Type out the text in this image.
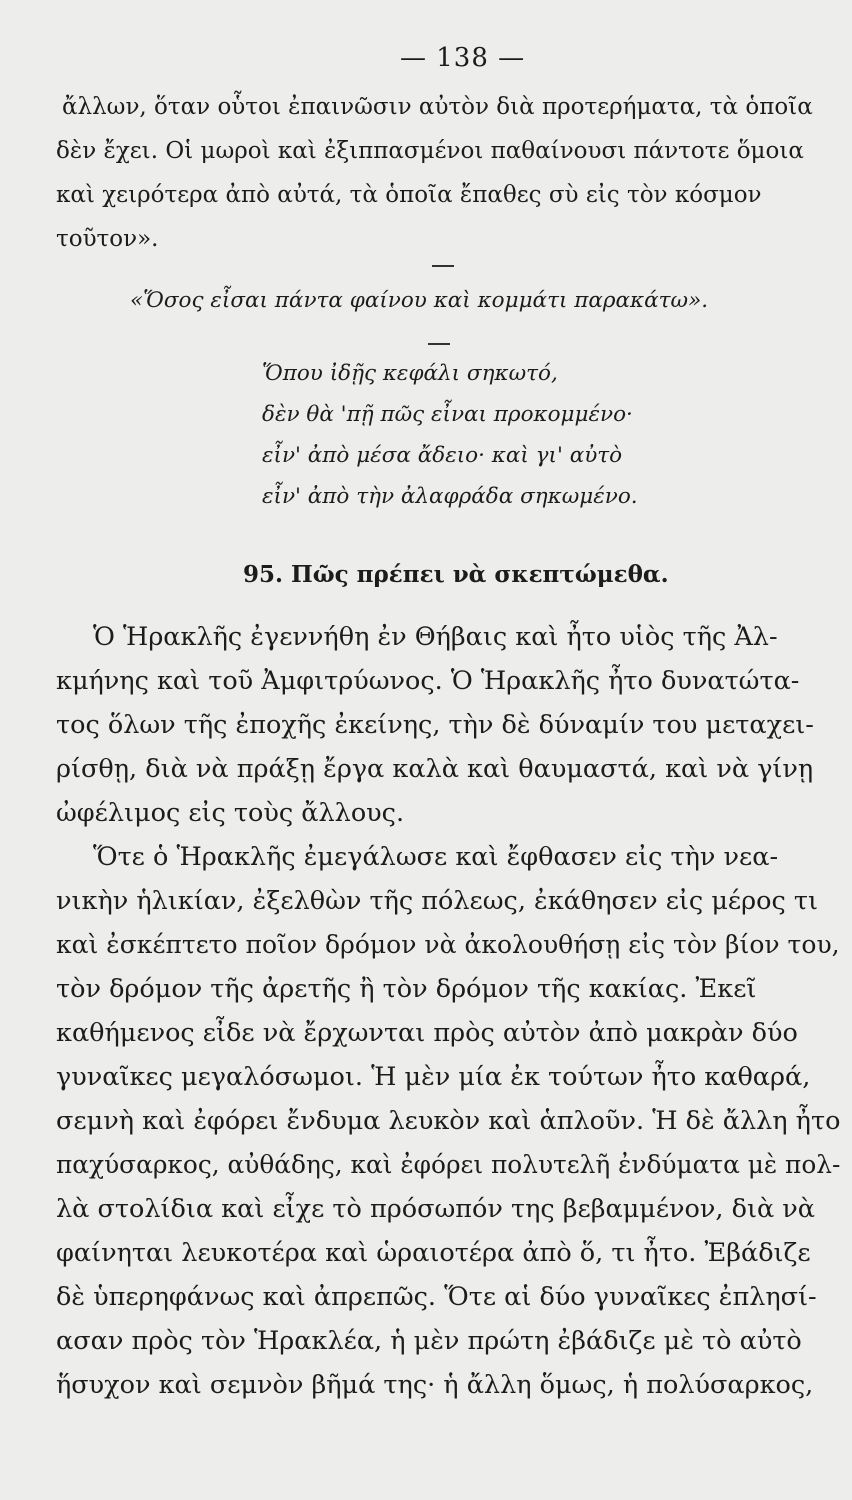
— 138 —
ἄλλων, ὅταν οὗτοι ἐπαινῶσιν αὐτὸν διὰ προτερήματα, τὰ ὁποῖα
δὲν ἔχει. Οἱ μωροὶ καὶ ἐξιππασμένοι παθαίνουσι πάντοτε ὅμοια
καὶ χειρότερα ἀπὸ αὐτά, τὰ ὁποῖα ἔπαθες σὺ εἰς τὸν κόσμον
τοῦτον».
«Ὅσος εἶσαι πάντα φαίνου καὶ κομμάτι παρακάτω».
Ὅπου ἰδῇς κεφάλι σηκωτό,
δὲν θὰ 'πῇ πῶς εἶναι προκομμένο·
εἶν' ἀπὸ μέσα ἄδειο· καὶ γι' αὐτὸ
εἶν' ἀπὸ τὴν ἀλαφράδα σηκωμένο.
95. Πῶς πρέπει νὰ σκεπτώμεθα.
Ὁ Ἡρακλῆς ἐγεννήθη ἐν Θήβαις καὶ ἦτο υἱὸς τῆς Ἀλ-
κμήνης καὶ τοῦ Ἀμφιτρύωνος. Ὁ Ἡρακλῆς ἦτο δυνατώτα-
τος ὅλων τῆς ἐποχῆς ἐκείνης, τὴν δὲ δύναμίν του μεταχει-
ρίσθῃ, διὰ νὰ πράξῃ ἔργα καλὰ καὶ θαυμαστά, καὶ νὰ γίνῃ
ὠφέλιμος εἰς τοὺς ἄλλους.
Ὅτε ὁ Ἡρακλῆς ἐμεγάλωσε καὶ ἔφθασεν εἰς τὴν νεα-
νικὴν ἡλικίαν, ἐξελθὼν τῆς πόλεως, ἐκάθησεν εἰς μέρος τι
καὶ ἐσκέπτετο ποῖον δρόμον νὰ ἀκολουθήσῃ εἰς τὸν βίον του,
τὸν δρόμον τῆς ἀρετῆς ἢ τὸν δρόμον τῆς κακίας. Ἐκεῖ
καθήμενος εἶδε νὰ ἔρχωνται πρὸς αὐτὸν ἀπὸ μακρὰν δύο
γυναῖκες μεγαλόσωμοι. Ἡ μὲν μία ἐκ τούτων ἦτο καθαρά,
σεμνὴ καὶ ἐφόρει ἔνδυμα λευκὸν καὶ ἁπλοῦν. Ἡ δὲ ἄλλη ἦτο
παχύσαρκος, αὐθάδης, καὶ ἐφόρει πολυτελῆ ἐνδύματα μὲ πολ-
λὰ στολίδια καὶ εἶχε τὸ πρόσωπόν της βεβαμμένον, διὰ νὰ
φαίνηται λευκοτέρα καὶ ὡραιοτέρα ἀπὸ ὅ, τι ἦτο. Ἐβάδιζε
δὲ ὑπερηφάνως καὶ ἀπρεπῶς. Ὅτε αἱ δύο γυναῖκες ἐπλησί-
ασαν πρὸς τὸν Ἡρακλέα, ἡ μὲν πρώτη ἐβάδιζε μὲ τὸ αὐτὸ
ἥσυχον καὶ σεμνὸν βῆμά της· ἡ ἄλλη ὅμως, ἡ πολύσαρκος,
